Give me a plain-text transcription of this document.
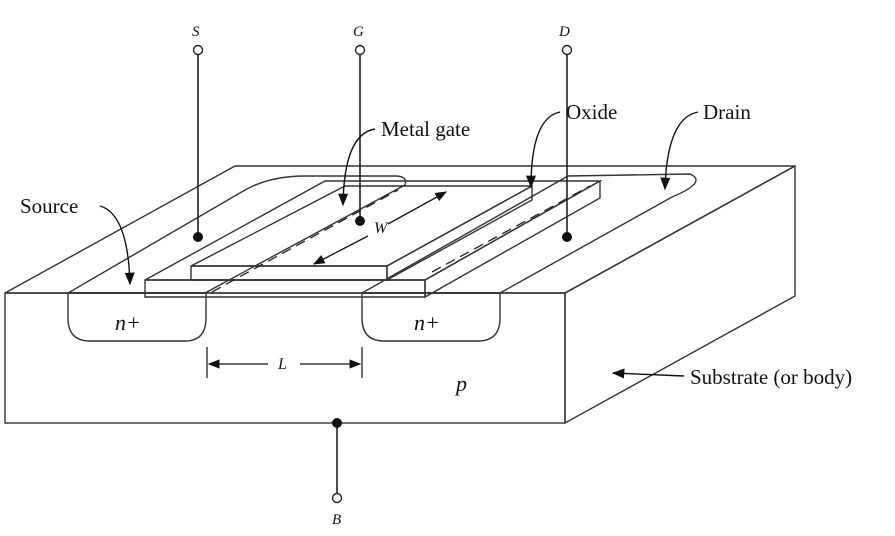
W
S	G	D
B
n+	n+
p
L
Source
Metal gate
Oxide	Drain
Substrate (or body)
